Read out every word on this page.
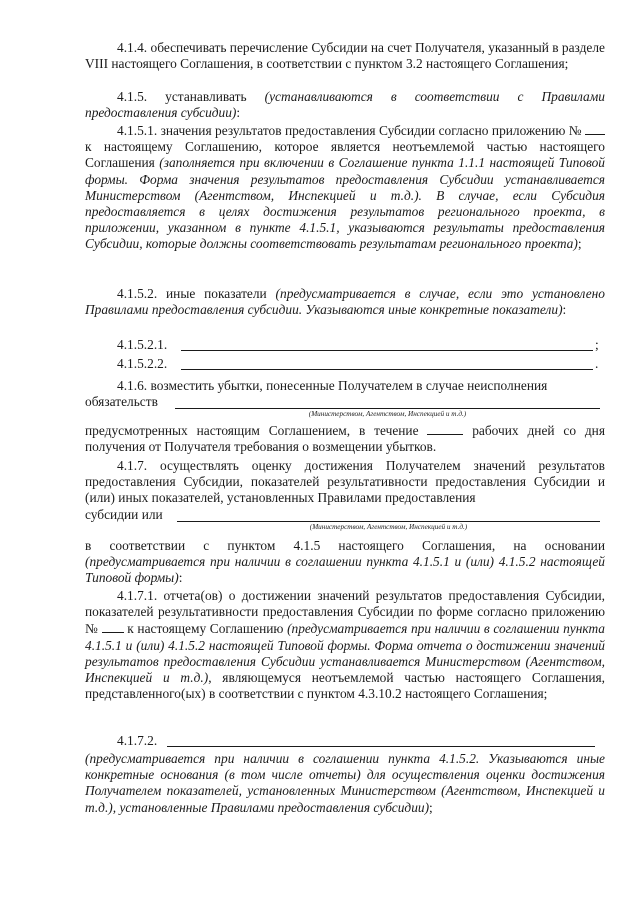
4.1.4. обеспечивать перечисление Субсидии на счет Получателя, указанный в разделе VIII настоящего Соглашения, в соответствии с пунктом 3.2 настоящего Соглашения;

4.1.5. устанавливать (устанавливаются в соответствии с Правилами предоставления субсидии):

4.1.5.1. значения результатов предоставления Субсидии согласно приложению №  к настоящему Соглашению, которое является неотъемлемой частью настоящего Соглашения (заполняется при включении в Соглашение пункта 1.1.1 настоящей Типовой формы. Форма значения результатов предоставления Субсидии устанавливается Министерством (Агентством, Инспекцией и т.д.). В случае, если Субсидия предоставляется в целях достижения результатов регионального проекта, в приложении, указанном в пункте 4.1.5.1, указываются результаты предоставления Субсидии, которые должны соответствовать результатам регионального проекта);

4.1.5.2. иные показатели (предусматривается в случае, если это установлено Правилами предоставления субсидии. Указываются иные конкретные показатели):

4.1.5.2.1.	;
4.1.5.2.2.	.
4.1.6. возместить убытки, понесенные Получателем в случае неисполнения
обязательств
(Министерством, Агентством, Инспекцией и т.д.)

предусмотренных настоящим Соглашением, в течение	рабочих дней со дня получения от Получателя требования о возмещении убытков.

4.1.7. осуществлять оценку достижения Получателем значений результатов предоставления Субсидии, показателей результативности предоставления Субсидии и (или) иных показателей, установленных Правилами предоставления

субсидии или
(Министерством, Агентством, Инспекцией и т.д.)

в соответствии с пунктом 4.1.5 настоящего Соглашения, на основании (предусматривается при наличии в соглашении пункта 4.1.5.1 и (или) 4.1.5.2 настоящей Типовой формы):

4.1.7.1. отчета(ов) о достижении значений результатов предоставления Субсидии, показателей результативности предоставления Субсидии по форме согласно приложению №  к настоящему Соглашению (предусматривается при наличии в соглашении пункта 4.1.5.1 и (или) 4.1.5.2 настоящей Типовой формы. Форма отчета о достижении значений результатов предоставления Субсидии устанавливается Министерством (Агентством, Инспекцией и т.д.), являющемуся неотъемлемой частью настоящего Соглашения, представленного(ых) в соответствии с пунктом 4.3.10.2 настоящего Соглашения;

4.1.7.2.

(предусматривается при наличии в соглашении пункта 4.1.5.2. Указываются иные конкретные основания (в том числе отчеты) для осуществления оценки достижения Получателем показателей, установленных Министерством (Агентством, Инспекцией и т.д.), установленные Правилами предоставления субсидии);
